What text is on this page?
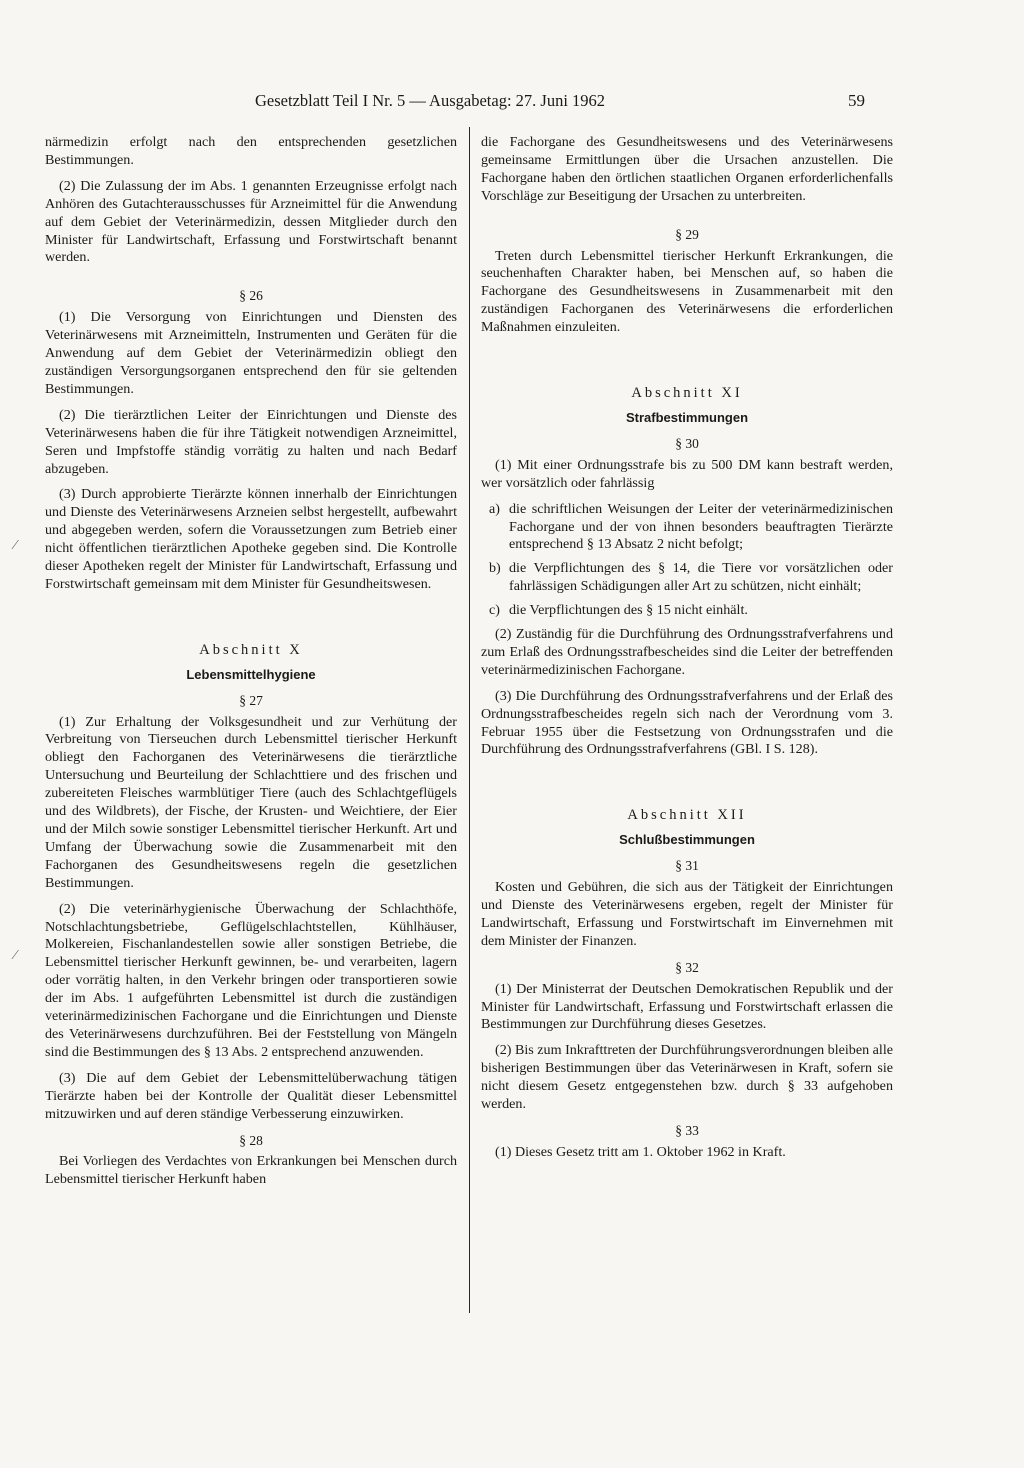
Gesetzblatt Teil I Nr. 5 — Ausgabetag: 27. Juni 1962	59
⁄
⁄

närmedizin erfolgt nach den entsprechenden gesetzlichen Bestimmungen.

(2) Die Zulassung der im Abs. 1 genannten Erzeugnisse erfolgt nach Anhören des Gutachterausschusses für Arzneimittel für die Anwendung auf dem Gebiet der Veterinärmedizin, dessen Mitglieder durch den Minister für Landwirtschaft, Erfassung und Forstwirtschaft benannt werden.

§ 26

(1) Die Versorgung von Einrichtungen und Diensten des Veterinärwesens mit Arzneimitteln, Instrumenten und Geräten für die Anwendung auf dem Gebiet der Veterinärmedizin obliegt den zuständigen Versorgungsorganen entsprechend den für sie geltenden Bestimmungen.

(2) Die tierärztlichen Leiter der Einrichtungen und Dienste des Veterinärwesens haben die für ihre Tätigkeit notwendigen Arzneimittel, Seren und Impfstoffe ständig vorrätig zu halten und nach Bedarf abzugeben.

(3) Durch approbierte Tierärzte können innerhalb der Einrichtungen und Dienste des Veterinärwesens Arzneien selbst hergestellt, aufbewahrt und abgegeben werden, sofern die Voraussetzungen zum Betrieb einer nicht öffentlichen tierärztlichen Apotheke gegeben sind. Die Kontrolle dieser Apotheken regelt der Minister für Landwirtschaft, Erfassung und Forstwirtschaft gemeinsam mit dem Minister für Gesundheitswesen.

Abschnitt X
Lebensmittelhygiene
§ 27

(1) Zur Erhaltung der Volksgesundheit und zur Verhütung der Verbreitung von Tierseuchen durch Lebensmittel tierischer Herkunft obliegt den Fachorganen des Veterinärwesens die tierärztliche Untersuchung und Beurteilung der Schlachttiere und des frischen und zubereiteten Fleisches warmblütiger Tiere (auch des Schlachtgeflügels und des Wildbrets), der Fische, der Krusten- und Weichtiere, der Eier und der Milch sowie sonstiger Lebensmittel tierischer Herkunft. Art und Umfang der Überwachung sowie die Zusammenarbeit mit den Fachorganen des Gesundheitswesens regeln die gesetzlichen Bestimmungen.

(2) Die veterinärhygienische Überwachung der Schlachthöfe, Notschlachtungsbetriebe, Geflügelschlachtstellen, Kühlhäuser, Molkereien, Fischanlandestellen sowie aller sonstigen Betriebe, die Lebensmittel tierischer Herkunft gewinnen, be- und verarbeiten, lagern oder vorrätig halten, in den Verkehr bringen oder transportieren sowie der im Abs. 1 aufgeführten Lebensmittel ist durch die zuständigen veterinärmedizinischen Fachorgane und die Einrichtungen und Dienste des Veterinärwesens durchzuführen. Bei der Feststellung von Mängeln sind die Bestimmungen des § 13 Abs. 2 entsprechend anzuwenden.

(3) Die auf dem Gebiet der Lebensmittelüberwachung tätigen Tierärzte haben bei der Kontrolle der Qualität dieser Lebensmittel mitzuwirken und auf deren ständige Verbesserung einzuwirken.

§ 28

Bei Vorliegen des Verdachtes von Erkrankungen bei Menschen durch Lebensmittel tierischer Herkunft haben

die Fachorgane des Gesundheitswesens und des Veterinärwesens gemeinsame Ermittlungen über die Ursachen anzustellen. Die Fachorgane haben den örtlichen staatlichen Organen erforderlichenfalls Vorschläge zur Beseitigung der Ursachen zu unterbreiten.

§ 29

Treten durch Lebensmittel tierischer Herkunft Erkrankungen, die seuchenhaften Charakter haben, bei Menschen auf, so haben die Fachorgane des Gesundheitswesens in Zusammenarbeit mit den zuständigen Fachorganen des Veterinärwesens die erforderlichen Maßnahmen einzuleiten.

Abschnitt XI
Strafbestimmungen
§ 30

(1) Mit einer Ordnungsstrafe bis zu 500 DM kann bestraft werden, wer vorsätzlich oder fahrlässig

a) die schriftlichen Weisungen der Leiter der veterinärmedizinischen Fachorgane und der von ihnen besonders beauftragten Tierärzte entsprechend § 13 Absatz 2 nicht befolgt;
b) die Verpflichtungen des § 14, die Tiere vor vorsätzlichen oder fahrlässigen Schädigungen aller Art zu schützen, nicht einhält;
c) die Verpflichtungen des § 15 nicht einhält.

(2) Zuständig für die Durchführung des Ordnungsstrafverfahrens und zum Erlaß des Ordnungsstrafbescheides sind die Leiter der betreffenden veterinärmedizinischen Fachorgane.

(3) Die Durchführung des Ordnungsstrafverfahrens und der Erlaß des Ordnungsstrafbescheides regeln sich nach der Verordnung vom 3. Februar 1955 über die Festsetzung von Ordnungsstrafen und die Durchführung des Ordnungsstrafverfahrens (GBl. I S. 128).

Abschnitt XII
Schlußbestimmungen
§ 31

Kosten und Gebühren, die sich aus der Tätigkeit der Einrichtungen und Dienste des Veterinärwesens ergeben, regelt der Minister für Landwirtschaft, Erfassung und Forstwirtschaft im Einvernehmen mit dem Minister der Finanzen.

§ 32

(1) Der Ministerrat der Deutschen Demokratischen Republik und der Minister für Landwirtschaft, Erfassung und Forstwirtschaft erlassen die Bestimmungen zur Durchführung dieses Gesetzes.

(2) Bis zum Inkrafttreten der Durchführungsverordnungen bleiben alle bisherigen Bestimmungen über das Veterinärwesen in Kraft, sofern sie nicht diesem Gesetz entgegenstehen bzw. durch § 33 aufgehoben werden.

§ 33

(1) Dieses Gesetz tritt am 1. Oktober 1962 in Kraft.
